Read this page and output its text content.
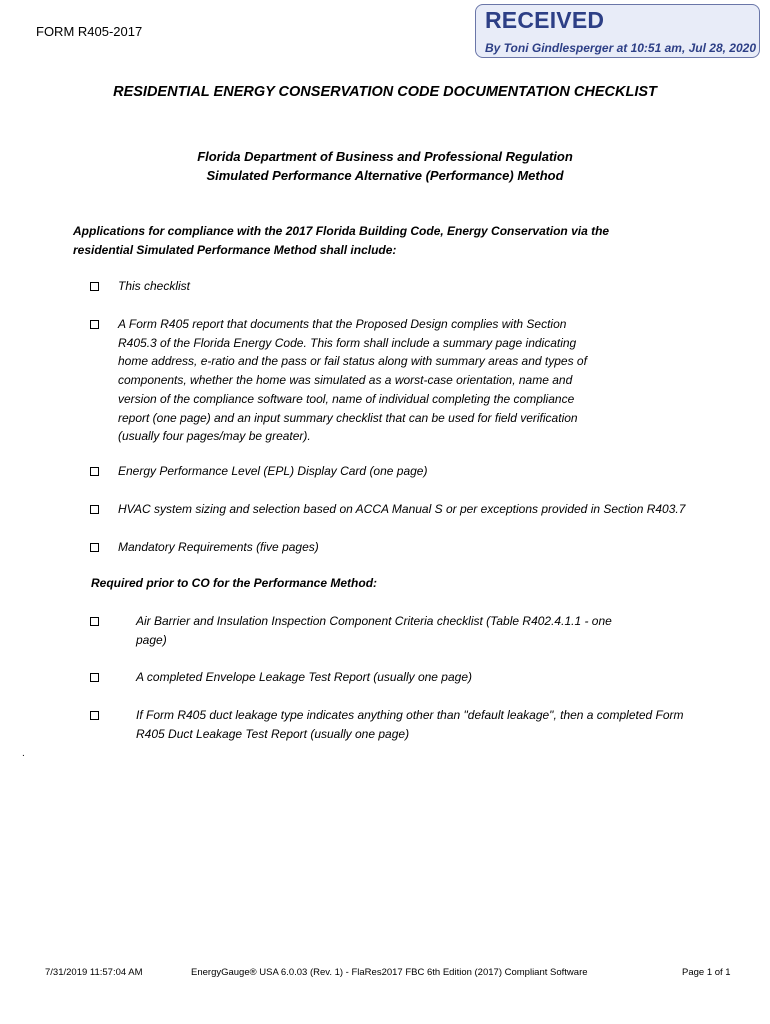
FORM R405-2017	RECEIVED
By Toni Gindlesperger at 10:51 am, Jul 28, 2020
RESIDENTIAL ENERGY CONSERVATION CODE DOCUMENTATION CHECKLIST
Florida Department of Business and Professional Regulation
Simulated Performance Alternative (Performance) Method
Applications for compliance with the 2017 Florida Building Code, Energy Conservation via the
residential Simulated Performance Method shall include:
This checklist
A Form R405 report that documents that the Proposed Design complies with Section R405.3 of the Florida Energy Code. This form shall include a summary page indicating home address, e-ratio and the pass or fail status along with summary areas and types of components, whether the home was simulated as a worst-case orientation, name and version of the compliance software tool, name of individual completing the compliance report (one page) and an input summary checklist that can be used for field verification (usually four pages/may be greater).
Energy Performance Level (EPL) Display Card (one page)
HVAC system sizing and selection based on ACCA Manual S or per exceptions provided in Section R403.7
Mandatory Requirements (five pages)
Required prior to CO for the Performance Method:
Air Barrier and Insulation Inspection Component Criteria checklist (Table R402.4.1.1 - one page)
A completed Envelope Leakage Test Report (usually one page)
If Form R405 duct leakage type indicates anything other than "default leakage", then a completed Form R405 Duct Leakage Test Report (usually one page)
.
7/31/2019 11:57:04 AM	EnergyGauge® USA 6.0.03 (Rev. 1) - FlaRes2017 FBC 6th Edition (2017) Compliant Software	Page 1 of 1
